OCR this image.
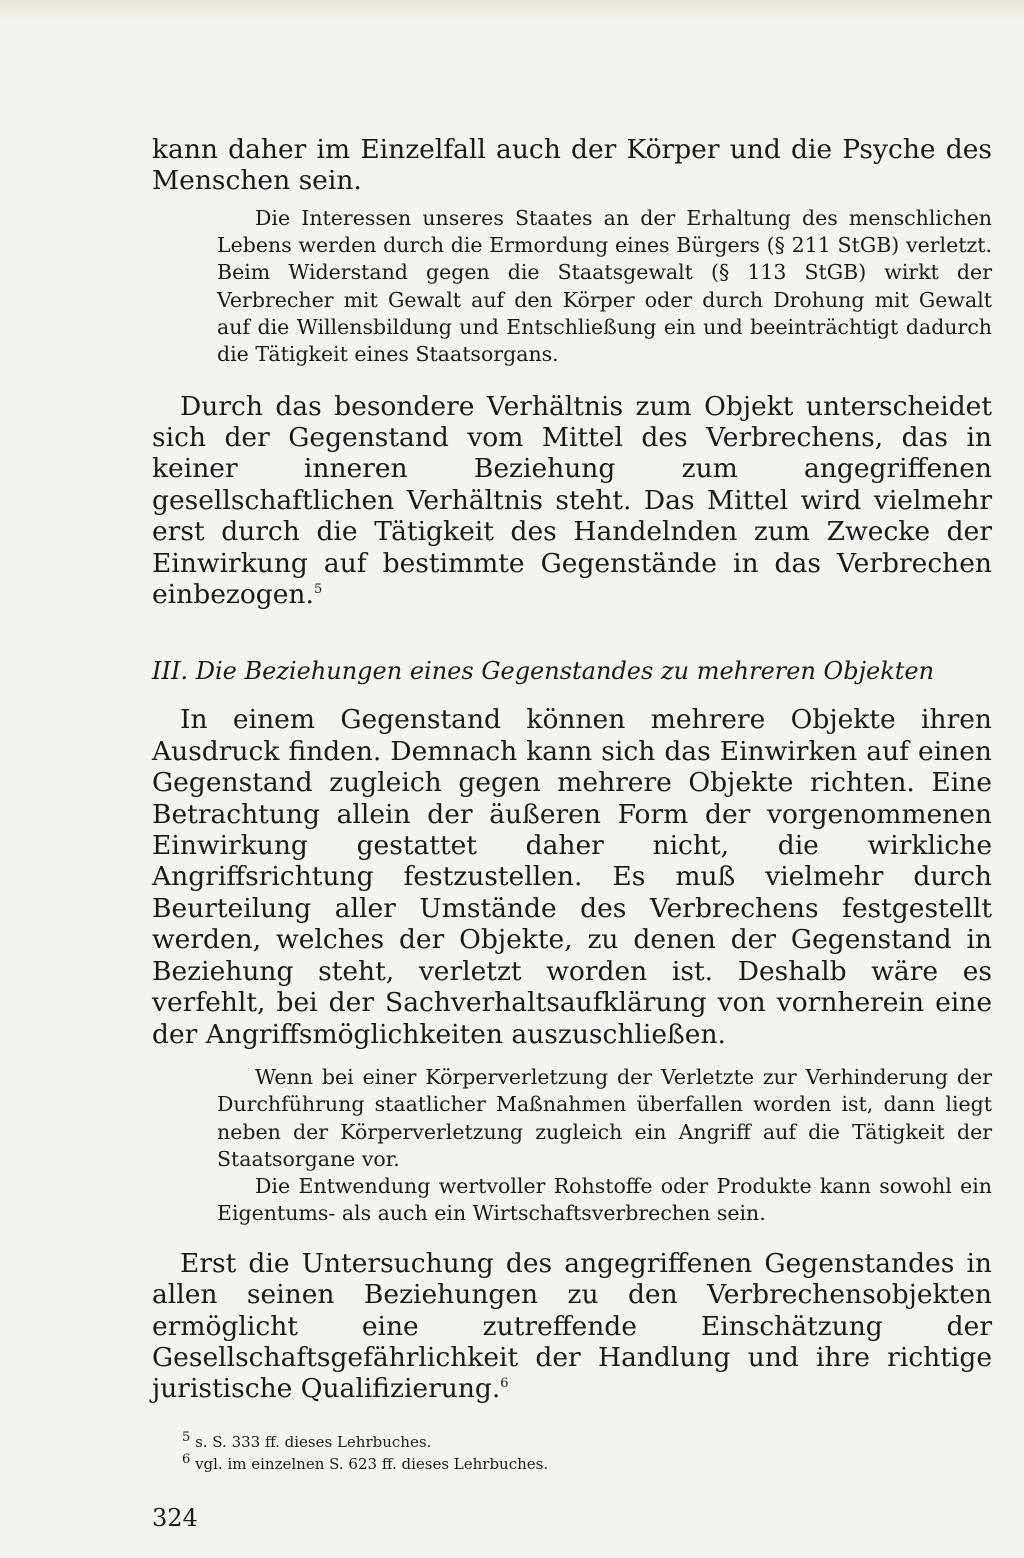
kann daher im Einzelfall auch der Körper und die Psyche des Menschen sein.

Die Interessen unseres Staates an der Erhaltung des menschlichen Lebens werden durch die Ermordung eines Bürgers (§ 211 StGB) verletzt. Beim Widerstand gegen die Staatsgewalt (§ 113 StGB) wirkt der Verbrecher mit Gewalt auf den Körper oder durch Drohung mit Gewalt auf die Willensbildung und Entschließung ein und beeinträchtigt dadurch die Tätigkeit eines Staatsorgans.

Durch das besondere Verhältnis zum Objekt unterscheidet sich der Gegenstand vom Mittel des Verbrechens, das in keiner inneren Beziehung zum angegriffenen gesellschaftlichen Verhältnis steht. Das Mittel wird vielmehr erst durch die Tätigkeit des Handelnden zum Zwecke der Einwirkung auf bestimmte Gegenstände in das Verbrechen einbezogen.$^5$

III. Die Beziehungen eines Gegenstandes zu mehreren Objekten

In einem Gegenstand können mehrere Objekte ihren Ausdruck finden. Demnach kann sich das Einwirken auf einen Gegenstand zugleich gegen mehrere Objekte richten. Eine Betrachtung allein der äußeren Form der vorgenommenen Einwirkung gestattet daher nicht, die wirkliche Angriffsrichtung festzustellen. Es muß vielmehr durch Beurteilung aller Umstände des Verbrechens festgestellt werden, welches der Objekte, zu denen der Gegenstand in Beziehung steht, verletzt worden ist. Deshalb wäre es verfehlt, bei der Sachverhaltsaufklärung von vornherein eine der Angriffsmöglichkeiten auszuschließen.

Wenn bei einer Körperverletzung der Verletzte zur Verhinderung der Durchführung staatlicher Maßnahmen überfallen worden ist, dann liegt neben der Körperverletzung zugleich ein Angriff auf die Tätigkeit der Staatsorgane vor.

Die Entwendung wertvoller Rohstoffe oder Produkte kann sowohl ein Eigentums- als auch ein Wirtschaftsverbrechen sein.

Erst die Untersuchung des angegriffenen Gegenstandes in allen seinen Beziehungen zu den Verbrechensobjekten ermöglicht eine zutreffende Einschätzung der Gesellschaftsgefährlichkeit der Handlung und ihre richtige juristische Qualifizierung.$^6$

$^5$ s. S. 333 ff. dieses Lehrbuches.

$^6$ vgl. im einzelnen S. 623 ff. dieses Lehrbuches.

324
